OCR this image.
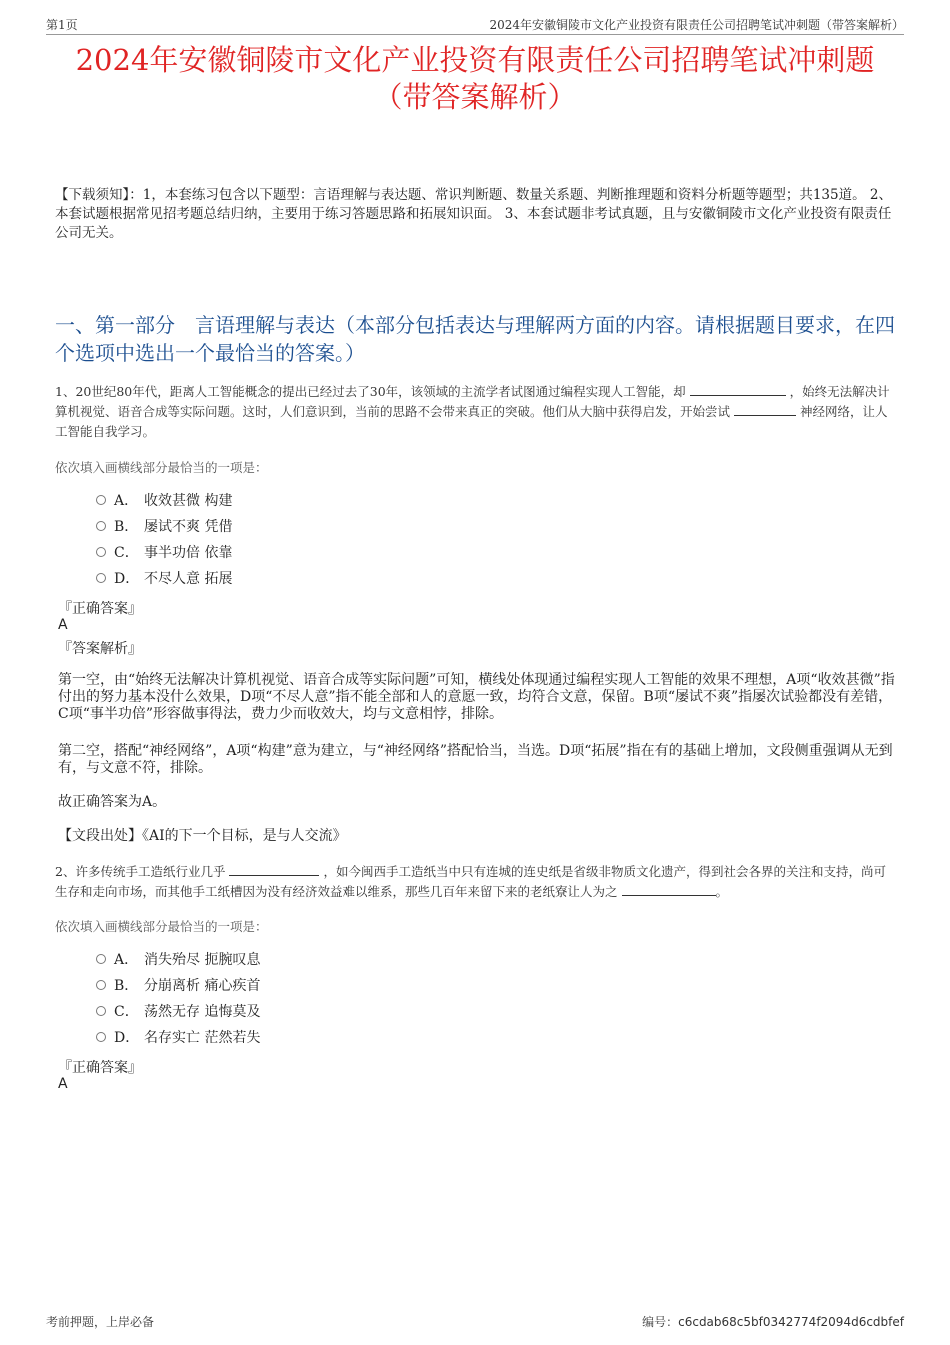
第1页	2024年安徽铜陵市文化产业投资有限责任公司招聘笔试冲刺题（带答案解析）
2024年安徽铜陵市文化产业投资有限责任公司招聘笔试冲刺题
（带答案解析）
【下载须知】：1，本套练习包含以下题型：言语理解与表达题、常识判断题、数量关系题、判断推理题和资料分析题等题型；共135道。 2、本套试题根据常见招考题总结归纳，主要用于练习答题思路和拓展知识面。 3、本套试题非考试真题，且与安徽铜陵市文化产业投资有限责任公司无关。
一、第一部分　言语理解与表达（本部分包括表达与理解两方面的内容。请根据题目要求，在四个选项中选出一个最恰当的答案。）
1、20世纪80年代，距离人工智能概念的提出已经过去了30年，该领域的主流学者试图通过编程实现人工智能，却	，始终无法解决计算机视觉、语音合成等实际问题。这时，人们意识到，当前的思路不会带来真正的突破。他们从大脑中获得启发，开始尝试	神经网络，让人工智能自我学习。
依次填入画横线部分最恰当的一项是：
A． 收效甚微 构建
B． 屡试不爽 凭借
C． 事半功倍 依靠
D． 不尽人意 拓展
『正确答案』
A
『答案解析』
第一空，由“始终无法解决计算机视觉、语音合成等实际问题”可知，横线处体现通过编程实现人工智能的效果不理想，A项“收效甚微”指付出的努力基本没什么效果，D项“不尽人意”指不能全部和人的意愿一致，均符合文意，保留。B项“屡试不爽”指屡次试验都没有差错，C项“事半功倍”形容做事得法，费力少而收效大，均与文意相悖，排除。
第二空，搭配“神经网络”，A项“构建”意为建立，与“神经网络”搭配恰当，当选。D项“拓展”指在有的基础上增加，文段侧重强调从无到有，与文意不符，排除。
故正确答案为A。
【文段出处】《AI的下一个目标，是与人交流》
2、许多传统手工造纸行业几乎	，如今闽西手工造纸当中只有连城的连史纸是省级非物质文化遗产，得到社会各界的关注和支持，尚可生存和走向市场，而其他手工纸槽因为没有经济效益难以维系，那些几百年来留下来的老纸寮让人为之	。
依次填入画横线部分最恰当的一项是：
A． 消失殆尽 扼腕叹息
B． 分崩离析 痛心疾首
C． 荡然无存 追悔莫及
D． 名存实亡 茫然若失
『正确答案』
A
考前押题，上岸必备	编号：c6cdab68c5bf0342774f2094d6cdbfef
